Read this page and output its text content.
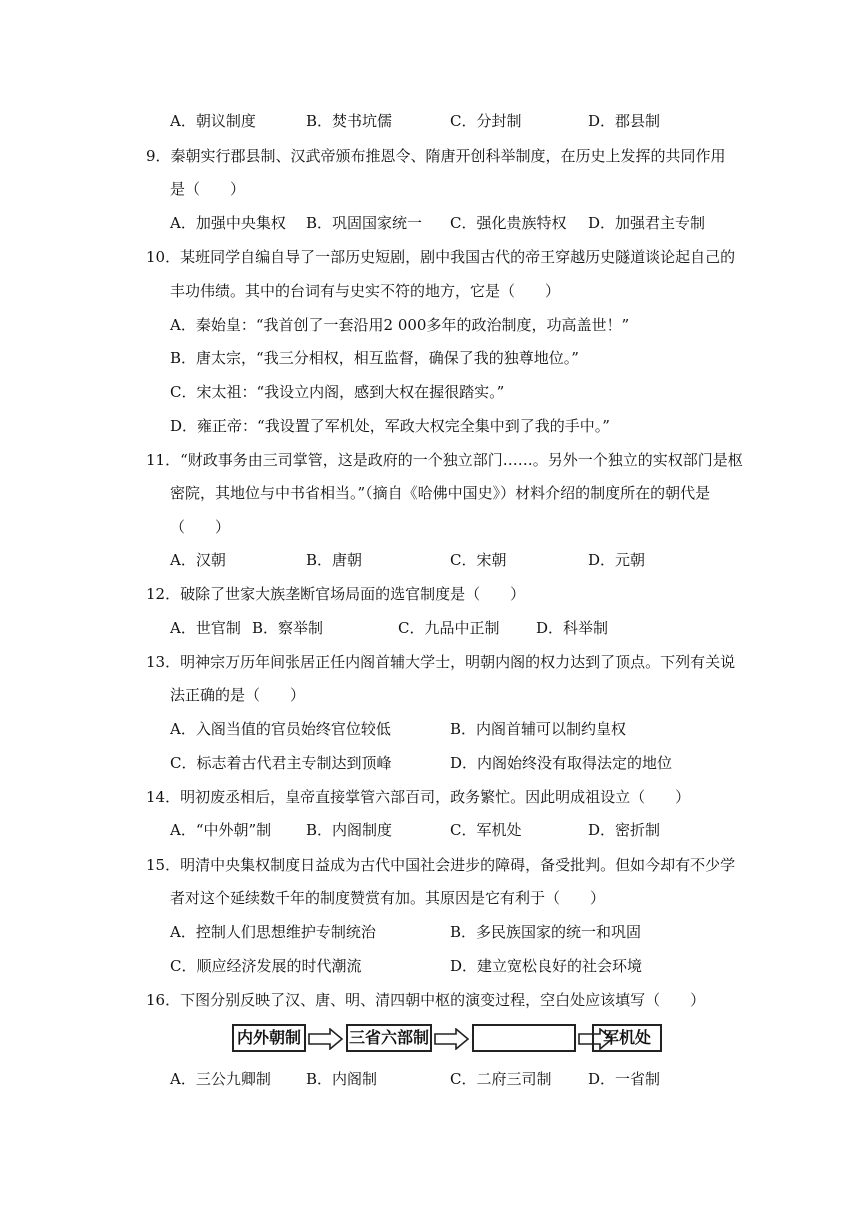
A．朝议制度	B．焚书坑儒	C．分封制	D．郡县制
9．秦朝实行郡县制、汉武帝颁布推恩令、隋唐开创科举制度，在历史上发挥的共同作用
是（　　）
A．加强中央集权 B．巩固国家统一 C．强化贵族特权 D．加强君主专制
10．某班同学自编自导了一部历史短剧，剧中我国古代的帝王穿越历史隧道谈论起自己的
丰功伟绩。其中的台词有与史实不符的地方，它是（　　）
A．秦始皇：“我首创了一套沿用2 000多年的政治制度，功高盖世！”
B．唐太宗，“我三分相权，相互监督，确保了我的独尊地位。”
C．宋太祖：“我设立内阁，感到大权在握很踏实。”
D．雍正帝：“我设置了军机处，军政大权完全集中到了我的手中。”
11．“财政事务由三司掌管，这是政府的一个独立部门……。另外一个独立的实权部门是枢
密院，其地位与中书省相当。”（摘自《哈佛中国史》）材料介绍的制度所在的朝代是
（　　）
A．汉朝	B．唐朝	C．宋朝	D．元朝
12．破除了世家大族垄断官场局面的选官制度是（　　）
A．世官制 B．察举制	C．九品中正制 D．科举制
13．明神宗万历年间张居正任内阁首辅大学士，明朝内阁的权力达到了顶点。下列有关说
法正确的是（　　）
A．入阁当值的官员始终官位较低	B．内阁首辅可以制约皇权
C．标志着古代君主专制达到顶峰	D．内阁始终没有取得法定的地位
14．明初废丞相后，皇帝直接掌管六部百司，政务繁忙。因此明成祖设立（　　）
A．“中外朝”制 B．内阁制度	C．军机处	D．密折制
15．明清中央集权制度日益成为古代中国社会进步的障碍，备受批判。但如今却有不少学
者对这个延续数千年的制度赞赏有加。其原因是它有利于（　　）
A．控制人们思想维护专制统治	B．多民族国家的统一和巩固
C．顺应经济发展的时代潮流	D．建立宽松良好的社会环境
16．下图分别反映了汉、唐、明、清四朝中枢的演变过程，空白处应该填写（　　）
内外朝制	三省六部制	军机处
A．三公九卿制 B．内阁制	C．二府三司制 D．一省制
